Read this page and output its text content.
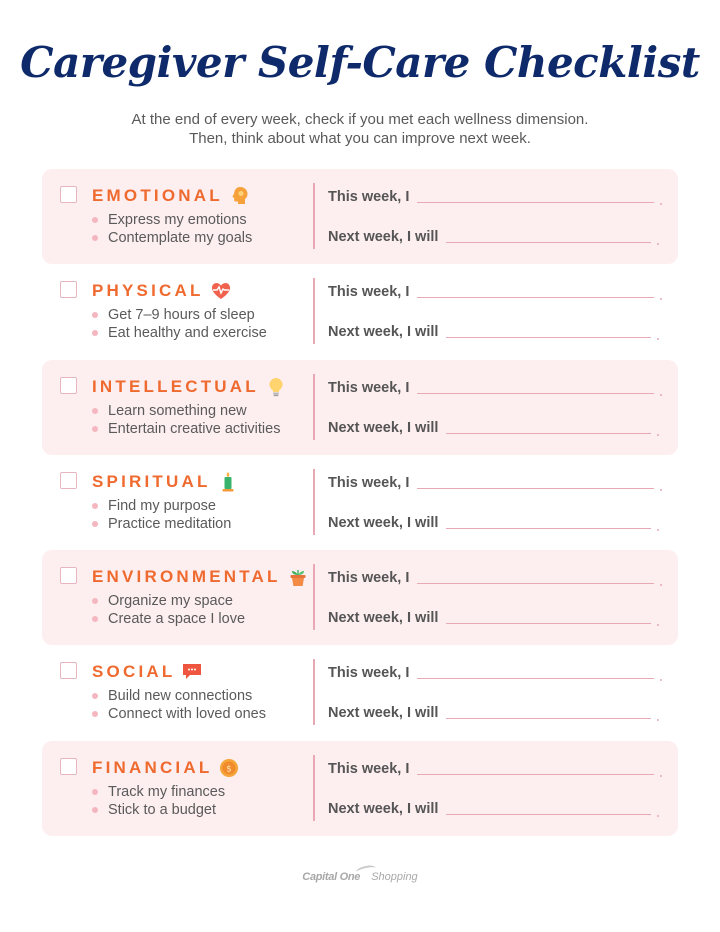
Caregiver Self-Care Checklist
At the end of every week, check if you met each wellness dimension.
Then, think about what you can improve next week.
EMOTIONAL
Express my emotions
Contemplate my goals
This week, I
Next week, I will
PHYSICAL
Get 7–9 hours of sleep
Eat healthy and exercise
This week, I
Next week, I will
INTELLECTUAL
Learn something new
Entertain creative activities
This week, I
Next week, I will
SPIRITUAL
Find my purpose
Practice meditation
This week, I
Next week, I will
ENVIRONMENTAL
Organize my space
Create a space I love
This week, I
Next week, I will
SOCIAL
Build new connections
Connect with loved ones
This week, I
Next week, I will
FINANCIAL $
Track my finances
Stick to a budget
This week, I
Next week, I will
Capital One Shopping
